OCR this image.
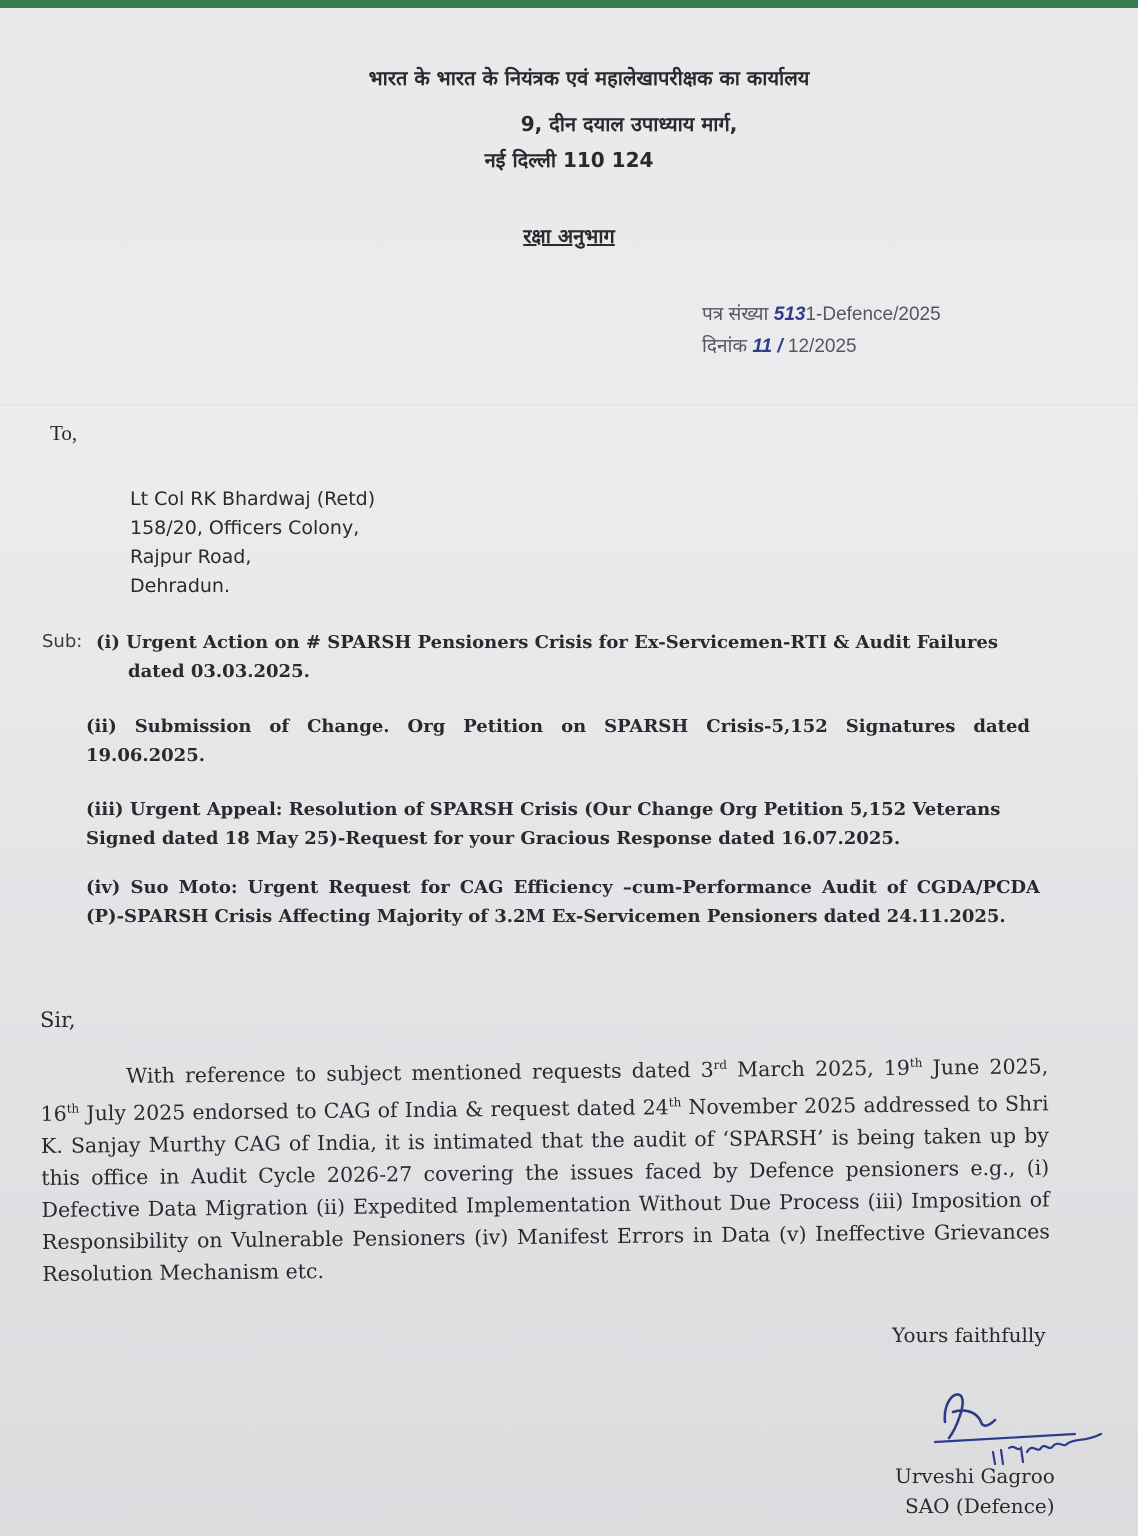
भारत के भारत के नियंत्रक एवं महालेखापरीक्षक का कार्यालय
9, दीन दयाल उपाध्याय मार्ग,
नई दिल्ली 110 124
रक्षा अनुभाग
पत्र संख्या 5131-Defence/2025
दिनांक 11 / 12/2025
To,
Lt Col RK Bhardwaj (Retd)
158/20, Officers Colony,
Rajpur Road,
Dehradun.
Sub: (i) Urgent Action on # SPARSH Pensioners Crisis for Ex-Servicemen-RTI & Audit Failures
dated 03.03.2025.
(ii) Submission of Change. Org Petition on SPARSH Crisis-5,152 Signatures dated 19.06.2025.
(iii) Urgent Appeal: Resolution of SPARSH Crisis (Our Change Org Petition 5,152 Veterans Signed dated 18 May 25)-Request for your Gracious Response dated 16.07.2025.
(iv) Suo Moto: Urgent Request for CAG Efficiency –cum-Performance Audit of CGDA/PCDA (P)-SPARSH Crisis Affecting Majority of 3.2M Ex-Servicemen Pensioners dated 24.11.2025.
Sir,
With reference to subject mentioned requests dated 3rd March 2025, 19th June 2025, 16th July 2025 endorsed to CAG of India & request dated 24th November 2025 addressed to Shri K. Sanjay Murthy CAG of India, it is intimated that the audit of ‘SPARSH’ is being taken up by this office in Audit Cycle 2026-27 covering the issues faced by Defence pensioners e.g., (i) Defective Data Migration (ii) Expedited Implementation Without Due Process (iii) Imposition of Responsibility on Vulnerable Pensioners (iv) Manifest Errors in Data (v) Ineffective Grievances Resolution Mechanism etc.
Yours faithfully
Urveshi Gagroo
SAO (Defence)
